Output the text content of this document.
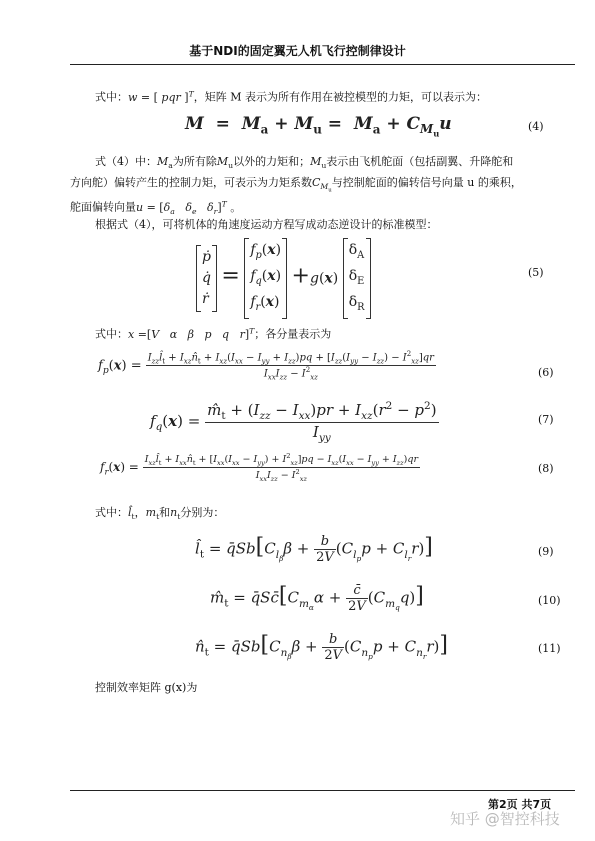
基于NDI的固定翼无人机飞行控制律设计
式中：w = [ pqr ]$^T$，矩阵 M 表示为所有作用在被控模型的力矩，可以表示为：
$M = M_a + M_u = M_a + C_{M_u}u$	(4)
式（4）中：$M_a$为所有除$M_u$以外的力矩和；$M_u$表示由飞机舵面（包括副翼、升降舵和
方向舵）偏转产生的控制力矩，可表示为力矩系数$C_{M_u}$与控制舵面的偏转信号向量 u 的乘积，
舵面偏转向量$u = [\delta_a$ $\delta_e$ $\delta_r]^T$ 。
根据式（4），可将机体的角速度运动方程写成动态逆设计的标准模型：
ṗ
q̇
ṙ = $f_p(x)$
$f_q(x)$
$f_r(x) +g(x)$ $\delta_A$
$\delta_E$
$\delta_R$
(5)
式中：x =[V α β p q r]$^T$；各分量表示为
$f_p(x)$ =
$I_{zz}l̂_t$ + $I_{xz}n̂_t + I_{xz}(I_{xx} - I_{yy} + I_{zz})pq + [I_{zz}(I_{yy} - I_{zz}) - I^2_{xz}]qr$
$I_{xx}I_{zz} - I^2_{xz}$	(6)
$f_q(x) = \frac{m̂_t + (I_{zz} - I_{xx})pr + I_{xz}(r^2 - p^2)}{I_{yy}}$	(7)
$f_r(x)$ =
$I_{xz}l̂_t$ + $I_{xx}n̂_t + [I_{xx}(I_{xx} - I_{yy}) + I^2_{xz}]pq - I_{xz}(I_{xx} - I_{yy} + I_{zz})qr$
$I_{xx}I_{zz} - I^2_{xz}$
(8)
式中：$l̂_t$，$m_t$和$n_t$分别为：
$l̂_t$ = $q̄Sb[C_{l_\beta}\beta + \frac{b}{2V} (C_{l_p}p + C_{l_r}r)]$	(9)
$m̂_t$ = $q̄Sc̄[C_{m_\alpha}\alpha + \frac{c̄}{2V} (C_{m_q}q)]$	(10)
$n̂_t$ = $q̄Sb[C_{n_\beta}\beta + \frac{b}{2V} (C_{n_p}p + C_{n_r}r)]$	(11)
控制效率矩阵 g(x)为
第2页 共7页
知乎 @智控科技
